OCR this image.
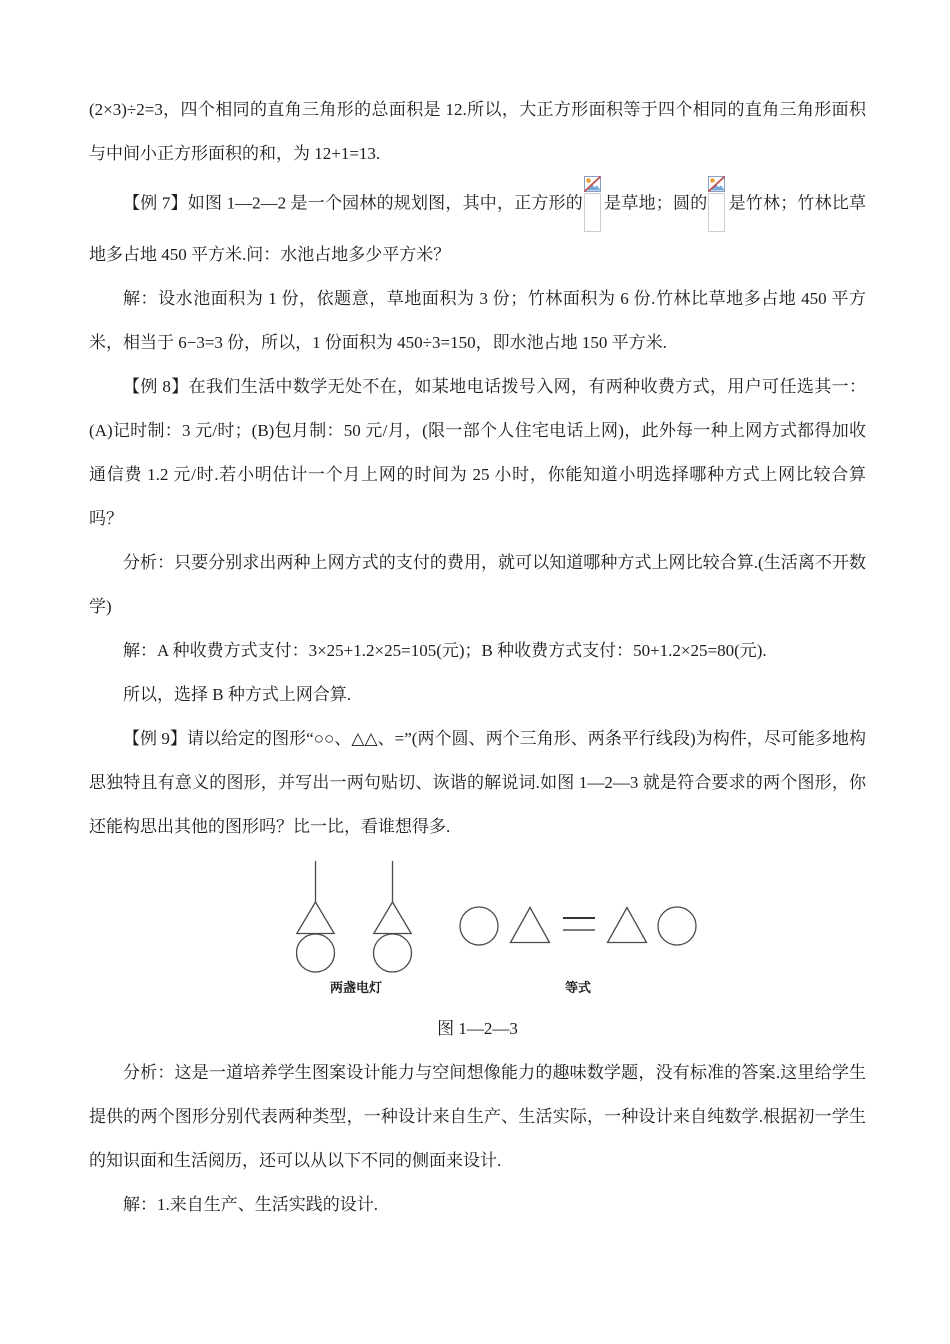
(2×3)÷2=3，四个相同的直角三角形的总面积是 12.所以，大正方形面积等于四个相同的直角三角形面积与中间小正方形面积的和，为 12+1=13.

【例 7】如图 1—2—2 是一个园林的规划图，其中，正方形的 是草地；圆的 是竹林；竹林比草地多占地 450 平方米.问：水池占地多少平方米？

解：设水池面积为 1 份，依题意，草地面积为 3 份；竹林面积为 6 份.竹林比草地多占地 450 平方米，相当于 6−3=3 份，所以，1 份面积为 450÷3=150，即水池占地 150 平方米.

【例 8】在我们生活中数学无处不在，如某地电话拨号入网，有两种收费方式，用户可任选其一：(A)记时制：3 元/时；(B)包月制：50 元/月，(限一部个人住宅电话上网)，此外每一种上网方式都得加收通信费 1.2 元/时.若小明估计一个月上网的时间为 25 小时，你能知道小明选择哪种方式上网比较合算吗？

分析：只要分别求出两种上网方式的支付的费用，就可以知道哪种方式上网比较合算.(生活离不开数学)

解：A 种收费方式支付：3×25+1.2×25=105(元)；B 种收费方式支付：50+1.2×25=80(元).

所以，选择 B 种方式上网合算.

【例 9】请以给定的图形“○○、△△、=”(两个圆、两个三角形、两条平行线段)为构件，尽可能多地构思独特且有意义的图形，并写出一两句贴切、诙谐的解说词.如图 1—2—3 就是符合要求的两个图形，你还能构思出其他的图形吗？比一比，看谁想得多.

两盏电灯	等式

图 1—2—3

分析：这是一道培养学生图案设计能力与空间想像能力的趣味数学题，没有标准的答案.这里给学生提供的两个图形分别代表两种类型，一种设计来自生产、生活实际，一种设计来自纯数学.根据初一学生的知识面和生活阅历，还可以从以下不同的侧面来设计.

解：1.来自生产、生活实践的设计.
